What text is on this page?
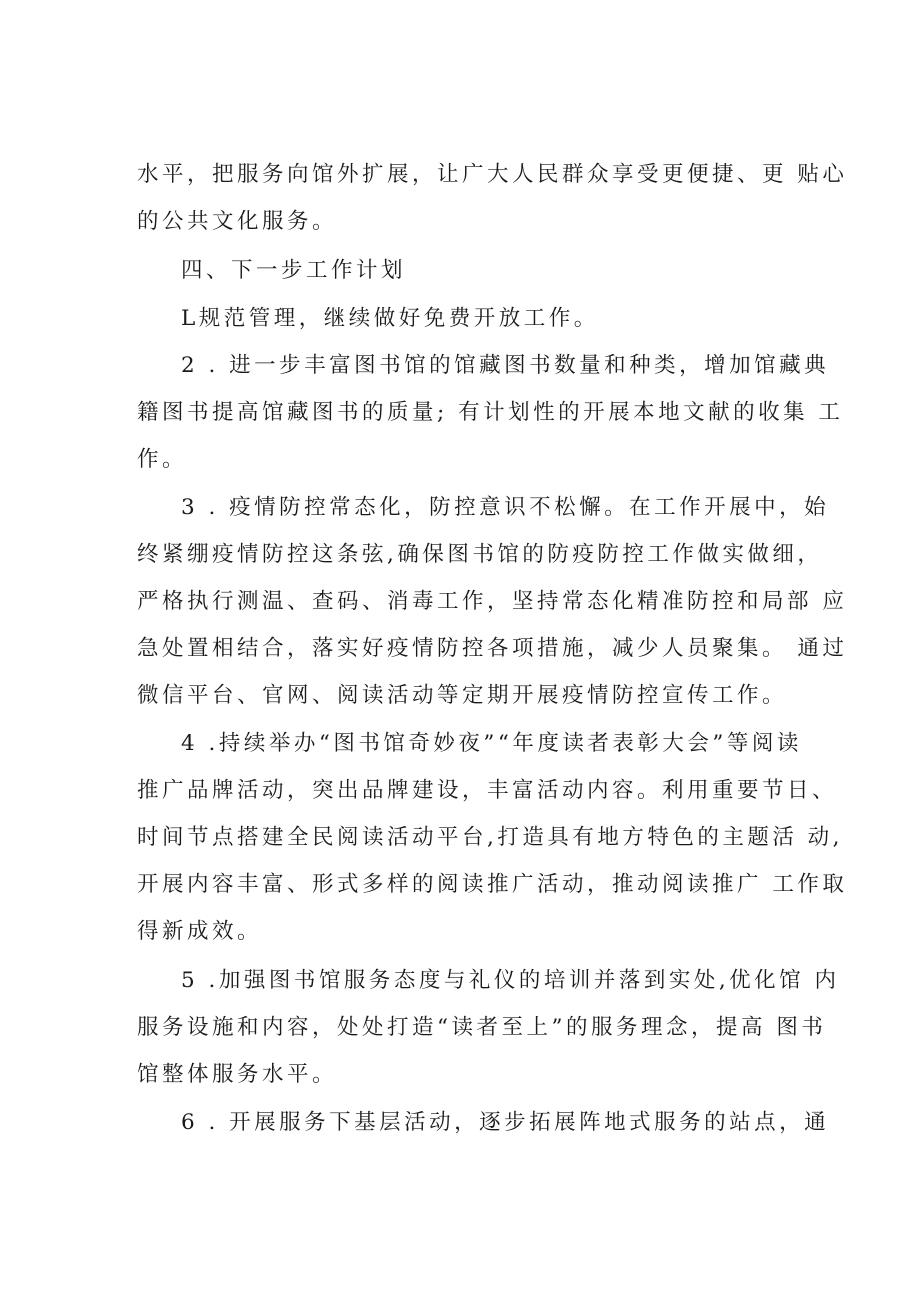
水平，把服务向馆外扩展，让广大人民群众享受更便捷、更 贴心
的公共文化服务。
四、下一步工作计划
L规范管理，继续做好免费开放工作。
2 . 进一步丰富图书馆的馆藏图书数量和种类，增加馆藏典
籍图书提高馆藏图书的质量; 有计划性的开展本地文献的收集 工
作。
3 . 疫情防控常态化，防控意识不松懈。在工作开展中，始
终紧绷疫情防控这条弦,确保图书馆的防疫防控工作做实做细，
严格执行测温、查码、消毒工作，坚持常态化精准防控和局部 应
急处置相结合，落实好疫情防控各项措施，减少人员聚集。 通过
微信平台、官网、阅读活动等定期开展疫情防控宣传工作。
4 .持续举办“图书馆奇妙夜”“年度读者表彰大会”等阅读
推广品牌活动，突出品牌建设，丰富活动内容。利用重要节日、
时间节点搭建全民阅读活动平台,打造具有地方特色的主题活 动,
开展内容丰富、形式多样的阅读推广活动，推动阅读推广 工作取
得新成效。
5 .加强图书馆服务态度与礼仪的培训并落到实处,优化馆 内
服务设施和内容，处处打造“读者至上”的服务理念，提高 图书
馆整体服务水平。
6 . 开展服务下基层活动，逐步拓展阵地式服务的站点，通
